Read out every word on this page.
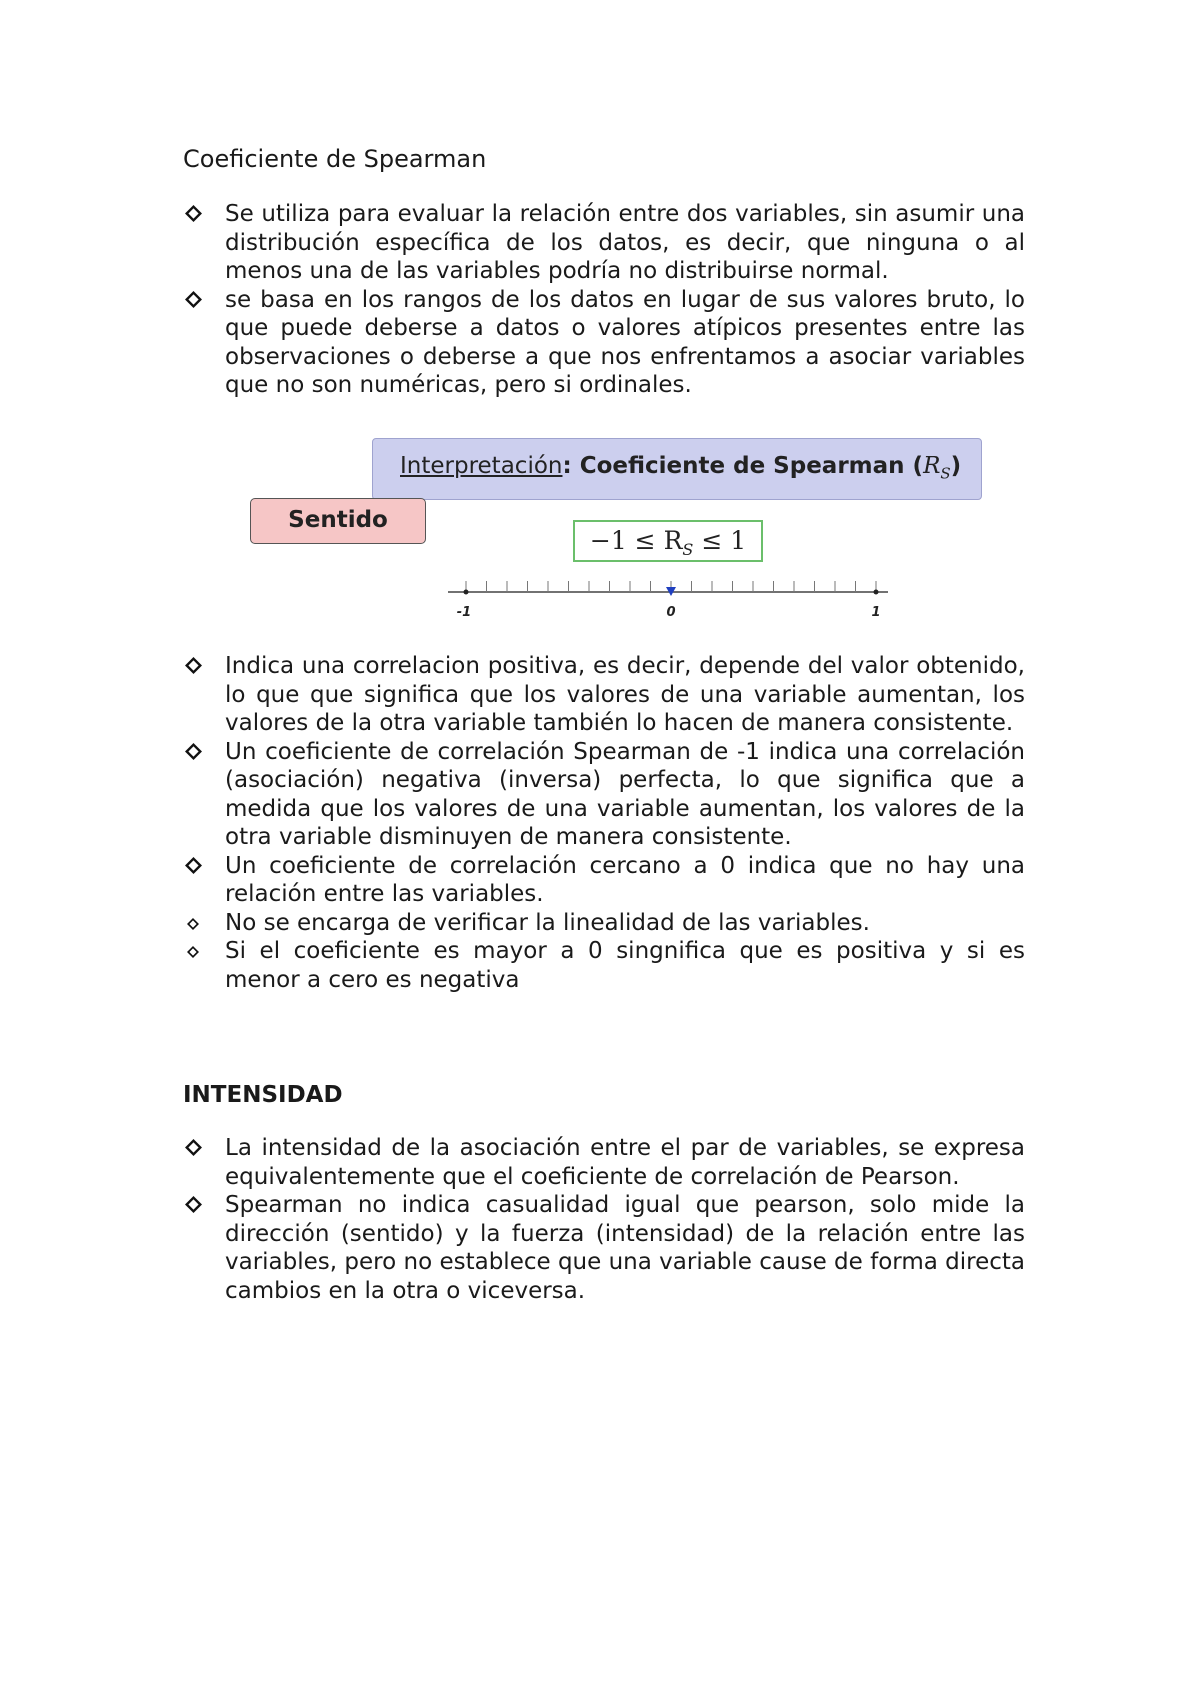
Coeficiente de Spearman
Se utiliza para evaluar la relación entre dos variables, sin asumir una distribución específica de los datos, es decir, que ninguna o al menos una de las variables podría no distribuirse normal.
se basa en los rangos de los datos en lugar de sus valores bruto, lo que puede deberse a datos o valores atípicos presentes entre las observaciones o deberse a que nos enfrentamos a asociar variables que no son numéricas, pero si ordinales.
Interpretación: Coeficiente de Spearman $(R_S)$
Sentido
$-1 \le R_S \le 1$
-1	0	1
Indica una correlacion positiva, es decir, depende del valor obtenido, lo que que significa que los valores de una variable aumentan, los valores de la otra variable también lo hacen de manera consistente.
Un coeficiente de correlación Spearman de -1 indica una correlación (asociación) negativa (inversa) perfecta, lo que significa que a medida que los valores de una variable aumentan, los valores de la otra variable disminuyen de manera consistente.
Un coeficiente de correlación cercano a 0 indica que no hay una relación entre las variables.
No se encarga de verificar la linealidad de las variables.
Si el coeficiente es mayor a 0 singnifica que es positiva y si es menor a cero es negativa
INTENSIDAD
La intensidad de la asociación entre el par de variables, se expresa equivalentemente que el coeficiente de correlación de Pearson.
Spearman no indica casualidad igual que pearson, solo mide la dirección (sentido) y la fuerza (intensidad) de la relación entre las variables, pero no establece que una variable cause de forma directa cambios en la otra o viceversa.
